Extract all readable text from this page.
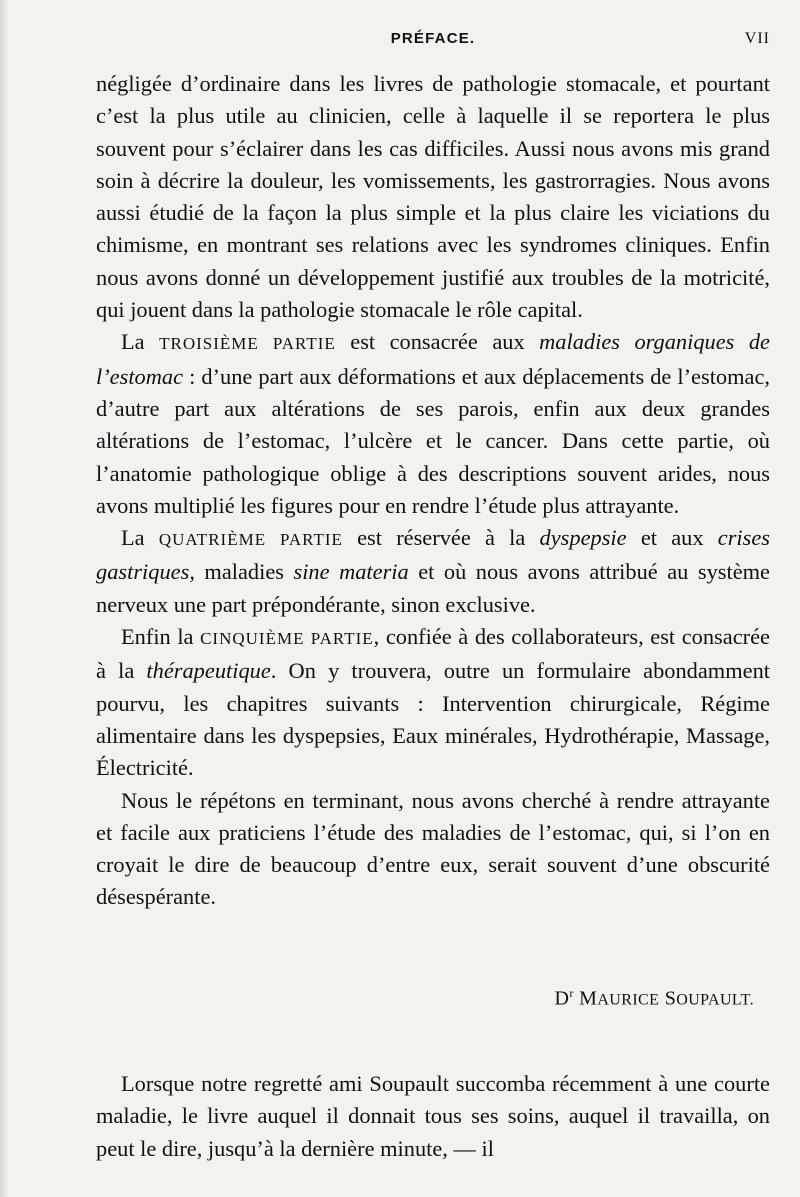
PRÉFACE.	VII

négligée d’ordinaire dans les livres de pathologie stomacale, et pourtant c’est la plus utile au clinicien, celle à laquelle il se reportera le plus souvent pour s’éclairer dans les cas difficiles. Aussi nous avons mis grand soin à décrire la douleur, les vomissements, les gastrorragies. Nous avons aussi étudié de la façon la plus simple et la plus claire les viciations du chimisme, en montrant ses relations avec les syndromes cliniques. Enfin nous avons donné un développement justifié aux troubles de la motricité, qui jouent dans la pathologie stomacale le rôle capital.

La TROISIÈME PARTIE est consacrée aux maladies organiques de l’estomac : d’une part aux déformations et aux déplacements de l’estomac, d’autre part aux altérations de ses parois, enfin aux deux grandes altérations de l’estomac, l’ulcère et le cancer. Dans cette partie, où l’anatomie pathologique oblige à des descriptions souvent arides, nous avons multiplié les figures pour en rendre l’étude plus attrayante.

La QUATRIÈME PARTIE est réservée à la dyspepsie et aux crises gastriques, maladies sine materia et où nous avons attribué au système nerveux une part prépondérante, sinon exclusive.

Enfin la CINQUIÈME PARTIE, confiée à des collaborateurs, est consacrée à la thérapeutique. On y trouvera, outre un formulaire abondamment pourvu, les chapitres suivants : Intervention chirurgicale, Régime alimentaire dans les dyspepsies, Eaux minérales, Hydrothérapie, Massage, Électricité.

Nous le répétons en terminant, nous avons cherché à rendre attrayante et facile aux praticiens l’étude des maladies de l’estomac, qui, si l’on en croyait le dire de beaucoup d’entre eux, serait souvent d’une obscurité désespérante.

$D^r$ MAURICE SOUPAULT.

Lorsque notre regretté ami Soupault succomba récemment à une courte maladie, le livre auquel il donnait tous ses soins, auquel il travailla, on peut le dire, jusqu’à la dernière minute, — il
